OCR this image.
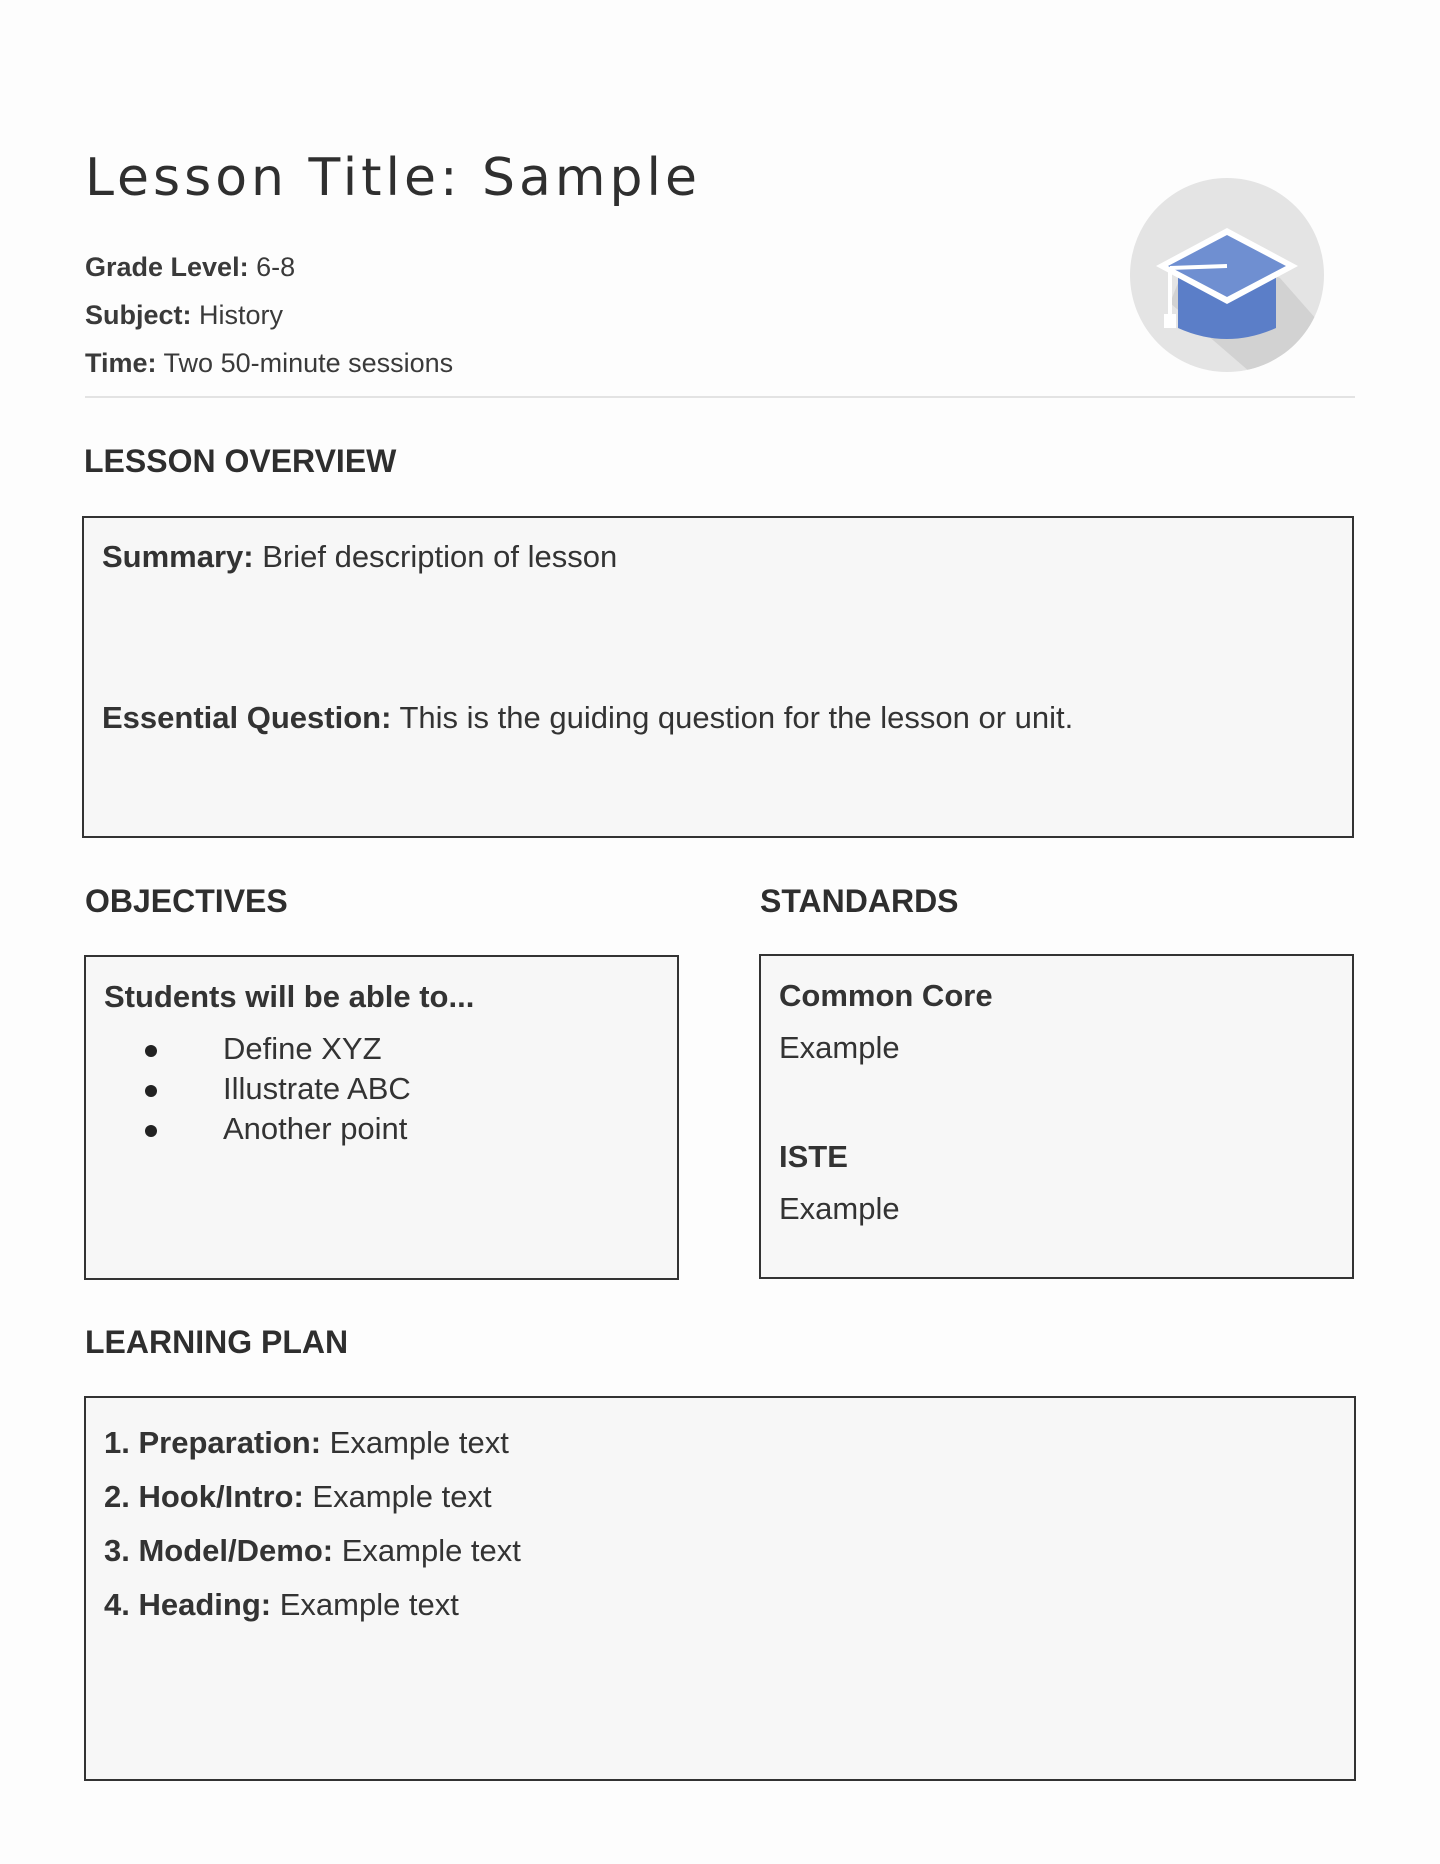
Lesson Title: Sample
Grade Level: 6-8
Subject: History
Time: Two 50-minute sessions
LESSON OVERVIEW
Summary: Brief description of lesson
Essential Question: This is the guiding question for the lesson or unit.
OBJECTIVES
Students will be able to...
Define XYZ
Illustrate ABC
Another point
STANDARDS
Common Core
Example
ISTE
Example
LEARNING PLAN
1. Preparation: Example text
2. Hook/Intro: Example text
3. Model/Demo: Example text
4. Heading: Example text
